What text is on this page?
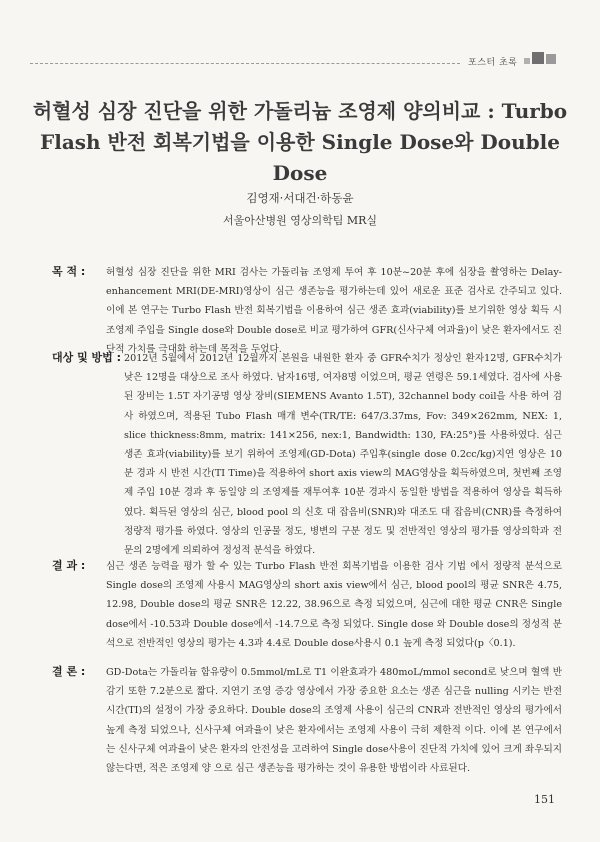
포스터 초록
허혈성 심장 진단을 위한 가돌리늄 조영제 양의비교 : Turbo Flash 반전 회복기법을 이용한 Single Dose와 Double Dose
김영재·서대건·하동윤
서울아산병원 영상의학팀 MR실
목 적 : 허혈성 심장 진단을 위한 MRI 검사는 가돌리늄 조영제 투여 후 10분~20분 후에 심장을 촬영하는 Delay-enhancement MRI(DE-MRI)영상이 심근 생존능을 평가하는데 있어 새로운 표준 검사로 간주되고 있다. 이에 본 연구는 Turbo Flash 반전 회복기법을 이용하여 심근 생존 효과(viability)를 보기위한 영상 획득 시 조영제 주입을 Single dose와 Double dose로 비교 평가하여 GFR(신사구체 여과율)이 낮은 환자에서도 진단적 가치를 극대화 하는데 목적을 두었다.
대상 및 방법 : 2012년 5월에서 2012년 12월까지 본원을 내원한 환자 중 GFR수치가 정상인 환자12명, GFR수치가 낮은 12명을 대상으로 조사 하였다. 남자16명, 여자8명 이었으며, 평균 연령은 59.1세였다. 검사에 사용된 장비는 1.5T 자기공명 영상 장비(SIEMENS Avanto 1.5T), 32channel body coil을 사용 하여 검사 하였으며, 적용된 Tubo Flash 매개 변수(TR/TE: 647/3.37ms, Fov: 349×262mm, NEX: 1, slice thickness:8mm, matrix: 141×256, nex:1, Bandwidth: 130, FA:25°)를 사용하였다. 심근 생존 효과(viability)를 보기 위하여 조영제(GD-Dota) 주입후(single dose 0.2cc/kg)지연 영상은 10분 경과 시 반전 시간(TI Time)을 적용하여 short axis view의 MAG영상을 획득하였으며, 첫번째 조영제 주입 10분 경과 후 동일양 의 조영제를 재투여후 10분 경과시 동일한 방법을 적용하여 영상을 획득하였다. 획득된 영상의 심근, blood pool 의 신호 대 잡음비(SNR)와 대조도 대 잡음비(CNR)를 측정하여 정량적 평가를 하였다. 영상의 인공물 정도, 병변의 구분 정도 및 전반적인 영상의 평가를 영상의학과 전문의 2명에게 의뢰하여 정성적 분석을 하였다.
결 과 : 심근 생존 능력을 평가 할 수 있는 Turbo Flash 반전 회복기법을 이용한 검사 기법 에서 정량적 분석으로 Single dose의 조영제 사용시 MAG영상의 short axis view에서 심근, blood pool의 평균 SNR은 4.75, 12.98, Double dose의 평균 SNR은 12.22, 38.96으로 측정 되었으며, 심근에 대한 평균 CNR은 Single dose에서 -10.53과 Double dose에서 -14.7으로 측정 되었다. Single dose 와 Double dose의 정성적 분석으로 전반적인 영상의 평가는 4.3과 4.4로 Double dose사용시 0.1 높게 측정 되었다(p〈0.1).
결 론 : GD-Dota는 가돌리늄 함유량이 0.5mmol/mL로 T1 이완효과가 480moL/mmol second로 낮으며 혈액 반감기 또한 7.2분으로 짧다. 지연기 조영 증강 영상에서 가장 중요한 요소는 생존 심근을 nulling 시키는 반전시간(TI)의 설정이 가장 중요하다. Double dose의 조영제 사용이 심근의 CNR과 전반적인 영상의 평가에서 높게 측정 되었으나, 신사구체 여과율이 낮은 환자에서는 조영제 사용이 극히 제한적 이다. 이에 본 연구에서는 신사구체 여과율이 낮은 환자의 안전성을 고려하여 Single dose사용이 진단적 가치에 있어 크게 좌우되지 않는다면, 적은 조영제 양 으로 심근 생존능을 평가하는 것이 유용한 방법이라 사료된다.
151
